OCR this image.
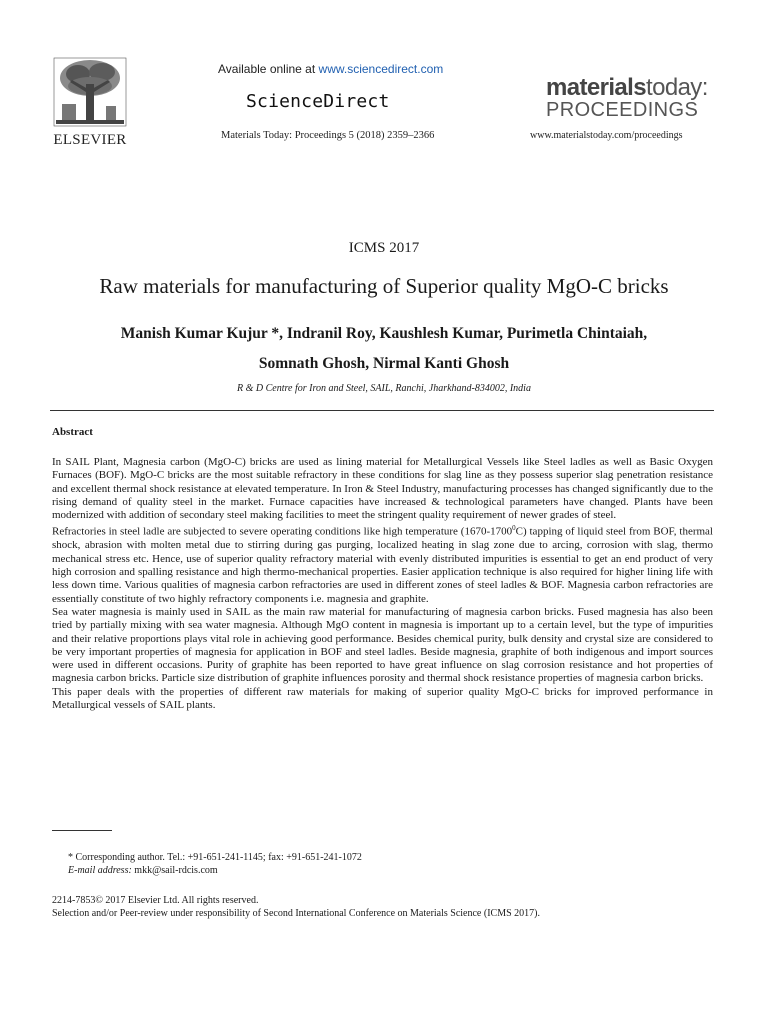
ELSEVIER
Available online at www.sciencedirect.com
ScienceDirect
Materials Today: Proceedings 5 (2018) 2359–2366
materialstoday:
PROCEEDINGS
www.materialstoday.com/proceedings
ICMS 2017
Raw materials for manufacturing of Superior quality MgO-C bricks
Manish Kumar Kujur *, Indranil Roy, Kaushlesh Kumar, Purimetla Chintaiah,
Somnath Ghosh, Nirmal Kanti Ghosh
R & D Centre for Iron and Steel, SAIL, Ranchi, Jharkhand-834002, India
Abstract

In SAIL Plant, Magnesia carbon (MgO-C) bricks are used as lining material for Metallurgical Vessels like Steel ladles as well as Basic Oxygen Furnaces (BOF). MgO-C bricks are the most suitable refractory in these conditions for slag line as they possess superior slag penetration resistance and excellent thermal shock resistance at elevated temperature. In Iron & Steel Industry, manufacturing processes has changed significantly due to the rising demand of quality steel in the market. Furnace capacities have increased & technological parameters have changed. Plants have been modernized with addition of secondary steel making facilities to meet the stringent quality requirement of newer grades of steel.

Refractories in steel ladle are subjected to severe operating conditions like high temperature (1670-1700$^0$C) tapping of liquid steel from BOF, thermal shock, abrasion with molten metal due to stirring during gas purging, localized heating in slag zone due to arcing, corrosion with slag, thermo mechanical stress etc. Hence, use of superior quality refractory material with evenly distributed impurities is essential to get an end product of very high corrosion and spalling resistance and high thermo-mechanical properties. Easier application technique is also required for higher lining life with less down time. Various qualities of magnesia carbon refractories are used in different zones of steel ladles & BOF. Magnesia carbon refractories are essentially constitute of two highly refractory components i.e. magnesia and graphite.

Sea water magnesia is mainly used in SAIL as the main raw material for manufacturing of magnesia carbon bricks. Fused magnesia has also been tried by partially mixing with sea water magnesia. Although MgO content in magnesia is important up to a certain level, but the type of impurities and their relative proportions plays vital role in achieving good performance. Besides chemical purity, bulk density and crystal size are considered to be very important properties of magnesia for application in BOF and steel ladles. Beside magnesia, graphite of both indigenous and import sources were used in different occasions. Purity of graphite has been reported to have great influence on slag corrosion resistance and hot properties of magnesia carbon bricks. Particle size distribution of graphite influences porosity and thermal shock resistance properties of magnesia carbon bricks.

This paper deals with the properties of different raw materials for making of superior quality MgO-C bricks for improved performance in Metallurgical vessels of SAIL plants.

* Corresponding author. Tel.: +91-651-241-1145; fax: +91-651-241-1072
E-mail address: mkk@sail-rdcis.com
2214-7853© 2017 Elsevier Ltd. All rights reserved.
Selection and/or Peer-review under responsibility of Second International Conference on Materials Science (ICMS 2017).
